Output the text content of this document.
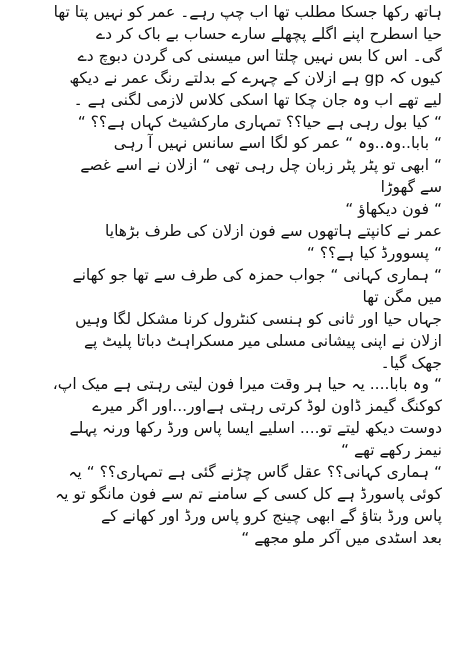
ہاتھ رکھا جسکا مطلب تھا اب چپ رہے۔ عمر کو نہیں پتا تھا
حیا اسطرح اپنے اگلے پچھلے سارے حساب بے باک کر دے
گی۔ اس کا بس نہیں چلتا اس میسنی کی گردن دبوچ دے
کیوں کہ gp ہے ازلان کے چہرے کے بدلتے رنگ عمر نے دیکھ
لیے تھے اب وہ جان چکا تھا اسکی کلاس لازمی لگنی ہے ۔
“ کیا بول رہی ہے حیا؟؟ تمہاری مارکشیٹ کہاں ہے؟؟ “
“ بابا..وہ..وہ “ عمر کو لگا اسے سانس نہیں آ رہی
“ ابھی تو پٹر پٹر زبان چل رہی تھی “ ازلان نے اسے غصے
سے گھوڑا
“ فون دیکھاؤ “
عمر نے کانپتے ہاتھوں سے فون ازلان کی طرف بڑھایا
“ پسوورڈ کیا ہے؟؟ “
“ ہماری کہانی “ جواب حمزہ کی طرف سے تھا جو کھانے
میں مگن تھا
جہاں حیا اور ثانی کو ہنسی کنٹرول کرنا مشکل لگا وہیں
ازلان نے اپنی پیشانی مسلی میر مسکراہٹ دباتا پلیٹ پے
جھک گیا۔
“ وہ بابا.... یہ حیا ہر وقت میرا فون لیتی رہتی ہے میک اپ،
کوکنگ گیمز ڈاون لوڈ کرتی رہتی ہےاور...اور اگر میرے
دوست دیکھ لیتے تو.... اسلیے ایسا پاس ورڈ رکھا ورنہ پہلے
نیمز رکھے تھے “
“ ہماری کہانی؟؟ عقل گاس چڑنے گئی ہے تمہاری؟؟ “ یہ
کوئی پاسورڈ ہے کل کسی کے سامنے تم سے فون مانگو تو یہ
پاس ورڈ بتاؤ گے ابھی چینج کرو پاس ورڈ اور کھانے کے
بعد اسٹدی میں آکر ملو مجھے “
